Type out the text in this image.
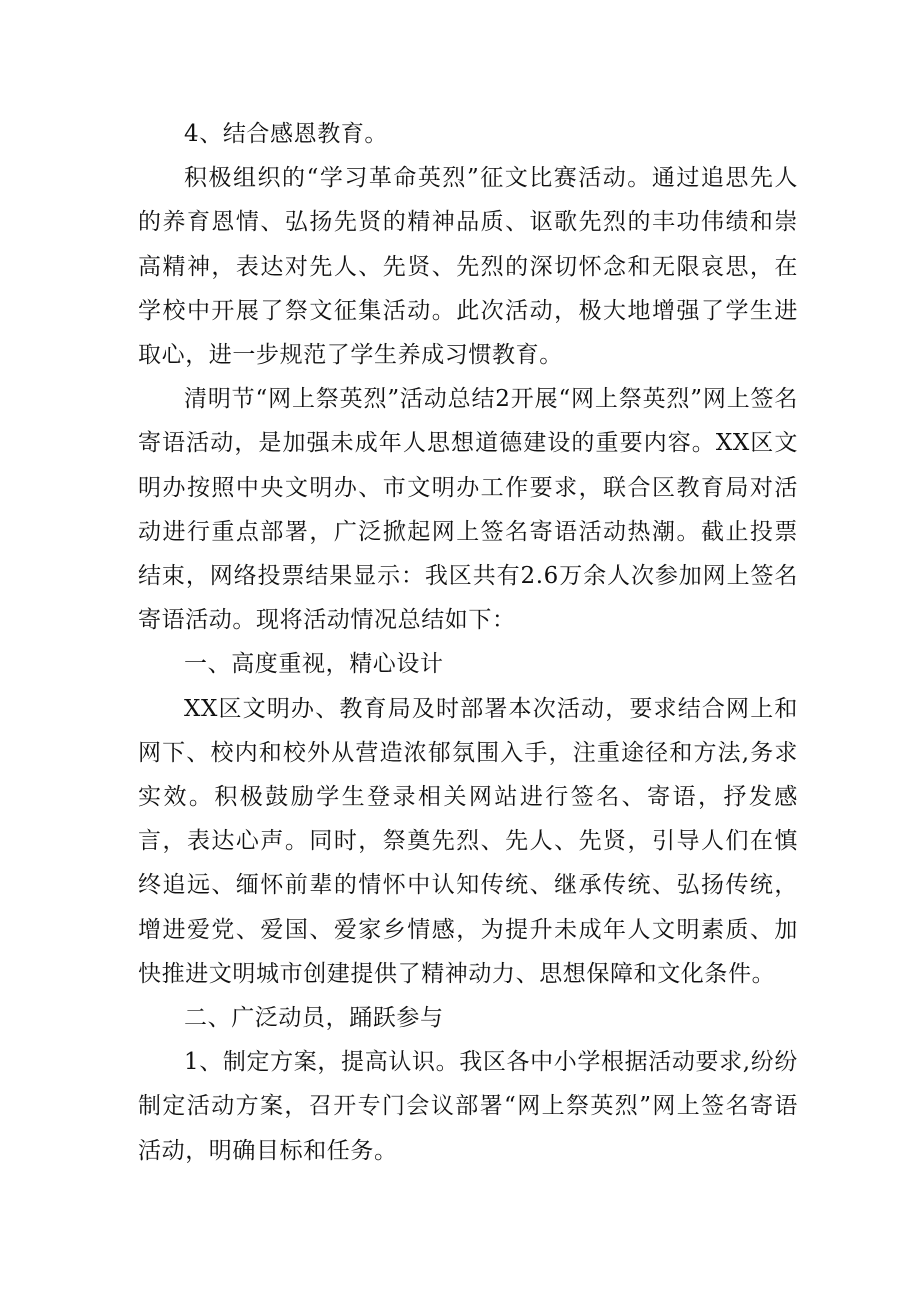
4、结合感恩教育。

积极组织的“学习革命英烈”征文比赛活动。通过追思先人的养育恩情、弘扬先贤的精神品质、讴歌先烈的丰功伟绩和崇高精神，表达对先人、先贤、先烈的深切怀念和无限哀思，在学校中开展了祭文征集活动。此次活动，极大地增强了学生进取心，进一步规范了学生养成习惯教育。

清明节“网上祭英烈”活动总结2开展“网上祭英烈”网上签名寄语活动，是加强未成年人思想道德建设的重要内容。XX区文明办按照中央文明办、市文明办工作要求，联合区教育局对活动进行重点部署，广泛掀起网上签名寄语活动热潮。截止投票结束，网络投票结果显示：我区共有2.6万余人次参加网上签名寄语活动。现将活动情况总结如下：

一、高度重视，精心设计

XX区文明办、教育局及时部署本次活动，要求结合网上和网下、校内和校外从营造浓郁氛围入手，注重途径和方法,务求实效。积极鼓励学生登录相关网站进行签名、寄语，抒发感言，表达心声。同时，祭奠先烈、先人、先贤，引导人们在慎终追远、缅怀前辈的情怀中认知传统、继承传统、弘扬传统，增进爱党、爱国、爱家乡情感，为提升未成年人文明素质、加快推进文明城市创建提供了精神动力、思想保障和文化条件。

二、广泛动员，踊跃参与

1、制定方案，提高认识。我区各中小学根据活动要求,纷纷制定活动方案，召开专门会议部署“网上祭英烈”网上签名寄语活动，明确目标和任务。
